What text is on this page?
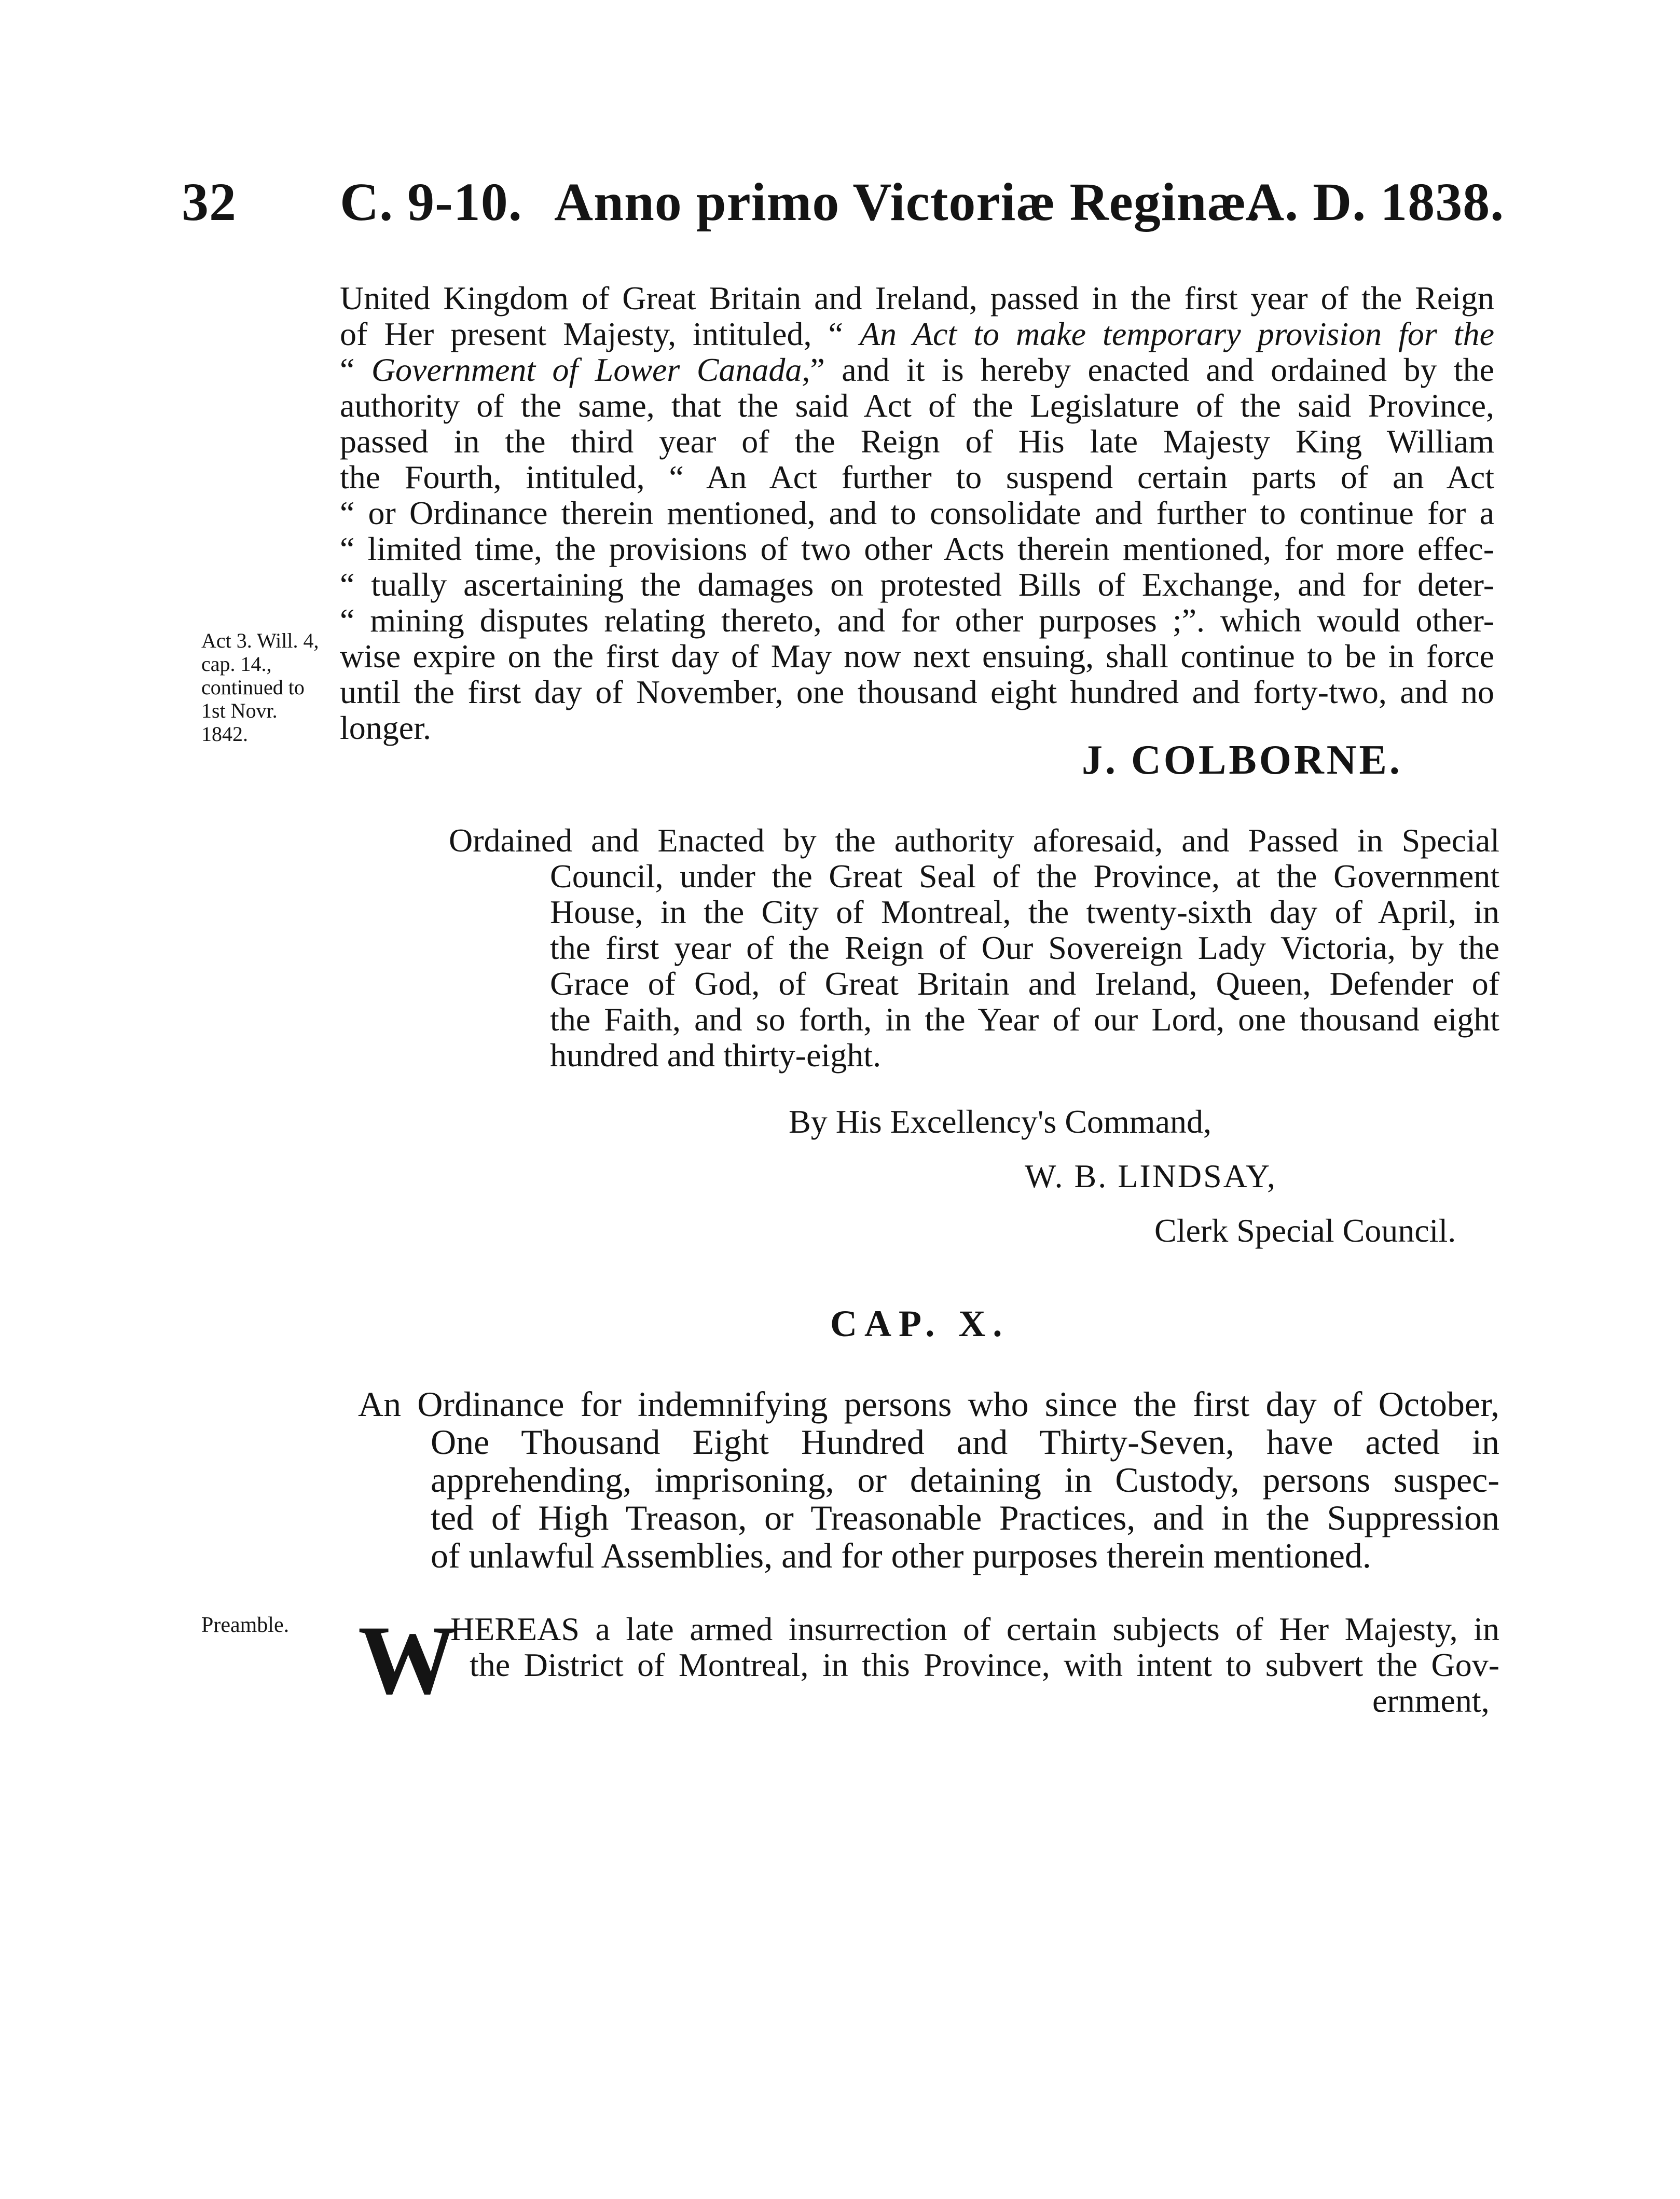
32 C. 9-10. Anno primo Victoriæ Reginæ.
A. D. 1838.
United Kingdom of Great Britain and Ireland, passed in the first year of the Reign
of Her present Majesty, intituled, “ An Act to make temporary provision for the
“ Government of Lower Canada,” and it is hereby enacted and ordained by the
authority of the same, that the said Act of the Legislature of the said Province,
passed in the third year of the Reign of His late Majesty King William
the Fourth, intituled, “ An Act further to suspend certain parts of an Act
“ or Ordinance therein mentioned, and to consolidate and further to continue for a
“ limited time, the provisions of two other Acts therein mentioned, for more effec-
“ tually ascertaining the damages on protested Bills of Exchange, and for deter-
“ mining disputes relating thereto, and for other purposes ;”. which would other-
wise expire on the first day of May now next ensuing, shall continue to be in force
until the first day of November, one thousand eight hundred and forty-two, and no
longer.
Act 3. Will. 4, cap. 14., continued to 1st Novr. 1842.
J. COLBORNE.
Ordained and Enacted by the authority aforesaid, and Passed in Special
Council, under the Great Seal of the Province, at the Government
House, in the City of Montreal, the twenty-sixth day of April, in
the first year of the Reign of Our Sovereign Lady Victoria, by the
Grace of God, of Great Britain and Ireland, Queen, Defender of
the Faith, and so forth, in the Year of our Lord, one thousand eight
hundred and thirty-eight.
By His Excellency's Command,
W. B. LINDSAY,
Clerk Special Council.
CAP. X.
An Ordinance for indemnifying persons who since the first day of October,
One Thousand Eight Hundred and Thirty-Seven, have acted in
apprehending, imprisoning, or detaining in Custody, persons suspec-
ted of High Treason, or Treasonable Practices, and in the Suppression
of unlawful Assemblies, and for other purposes therein mentioned.
Preamble. W
HEREAS a late armed insurrection of certain subjects of Her Majesty, in
the District of Montreal, in this Province, with intent to subvert the Gov-
ernment,
